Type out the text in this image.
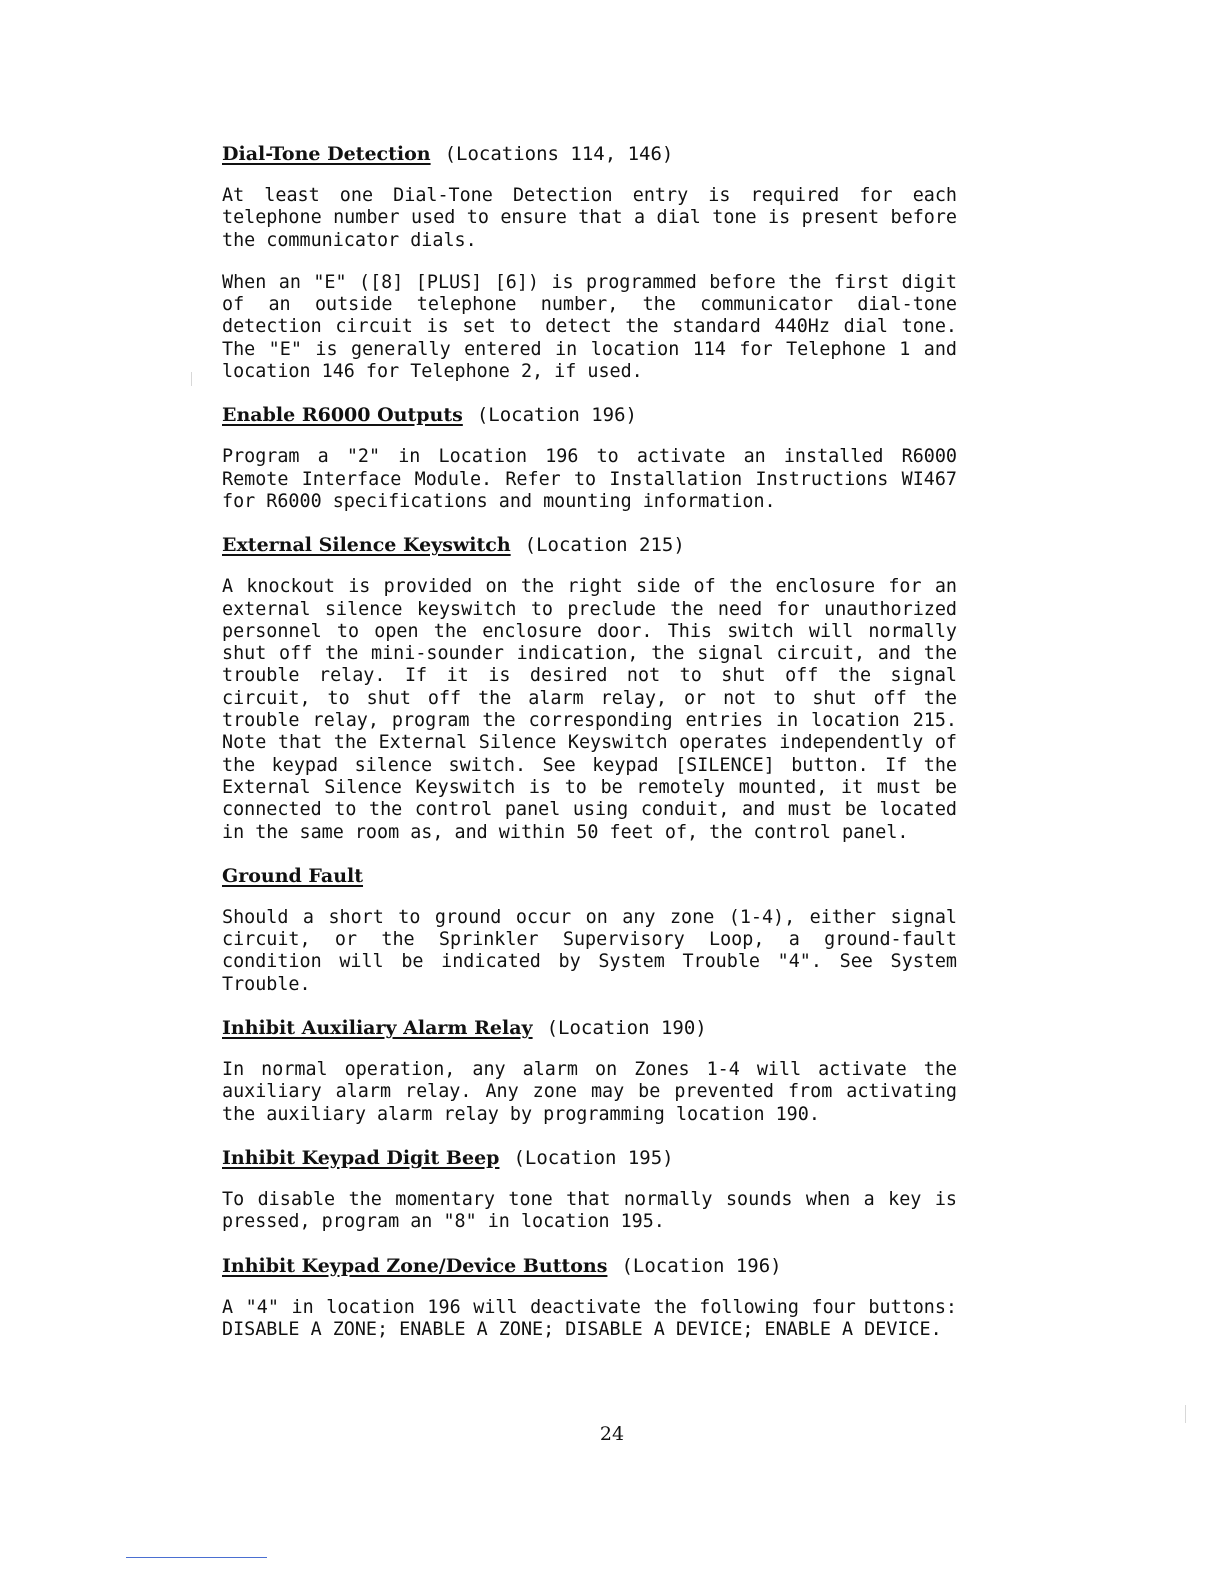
Dial-Tone Detection (Locations 114, 146)

At least one Dial-Tone Detection entry is required for each telephone number used to ensure that a dial tone is present before the communicator dials.

When an "E" ([8] [PLUS] [6]) is programmed before the first digit of an outside telephone number, the communicator dial-tone detection circuit is set to detect the standard 440Hz dial tone. The "E" is generally entered in location 114 for Telephone 1 and location 146 for Telephone 2, if used.

Enable R6000 Outputs (Location 196)

Program a "2" in Location 196 to activate an installed R6000 Remote Interface Module. Refer to Installation Instructions WI467 for R6000 specifications and mounting information.

External Silence Keyswitch (Location 215)

A knockout is provided on the right side of the enclosure for an external silence keyswitch to preclude the need for unauthorized personnel to open the enclosure door. This switch will normally shut off the mini-sounder indication, the signal circuit, and the trouble relay. If it is desired not to shut off the signal circuit, to shut off the alarm relay, or not to shut off the trouble relay, program the corresponding entries in location 215. Note that the External Silence Keyswitch operates independently of the keypad silence switch. See keypad [SILENCE] button. If the External Silence Keyswitch is to be remotely mounted, it must be connected to the control panel using conduit, and must be located in the same room as, and within 50 feet of, the control panel.

Ground Fault

Should a short to ground occur on any zone (1-4), either signal circuit, or the Sprinkler Supervisory Loop, a ground-fault condition will be indicated by System Trouble "4". See System Trouble.

Inhibit Auxiliary Alarm Relay (Location 190)

In normal operation, any alarm on Zones 1-4 will activate the auxiliary alarm relay. Any zone may be prevented from activating the auxiliary alarm relay by programming location 190.

Inhibit Keypad Digit Beep (Location 195)

To disable the momentary tone that normally sounds when a key is pressed, program an "8" in location 195.

Inhibit Keypad Zone/Device Buttons (Location 196)

A "4" in location 196 will deactivate the following four buttons: DISABLE A ZONE; ENABLE A ZONE; DISABLE A DEVICE; ENABLE A DEVICE.

24
